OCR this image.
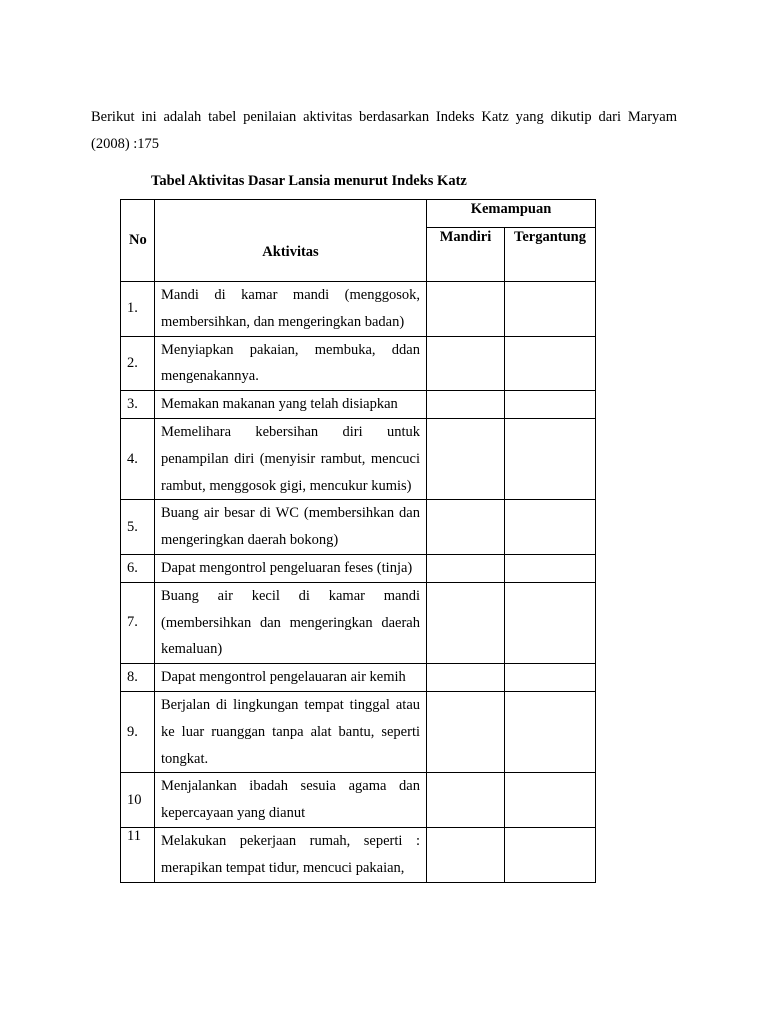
Berikut ini adalah tabel penilaian aktivitas berdasarkan Indeks Katz yang dikutip dari Maryam (2008) :175

Tabel Aktivitas Dasar Lansia menurut Indeks Katz
No	Aktivitas	Kemampuan	
		Mandiri	Tergantung
1.	Mandi di kamar mandi (menggosok, membersihkan, dan mengeringkan badan)		
2.	Menyiapkan pakaian, membuka, ddan mengenakannya.		
3.	Memakan makanan yang telah disiapkan		
4.	Memelihara kebersihan diri untuk penampilan diri (menyisir rambut, mencuci rambut, menggosok gigi, mencukur kumis)		
5.	Buang air besar di WC (membersihkan dan mengeringkan daerah bokong)		
6.	Dapat mengontrol pengeluaran feses (tinja)		
7.	Buang air kecil di kamar mandi (membersihkan dan mengeringkan daerah kemaluan)		
8.	Dapat mengontrol pengelauaran air kemih		
9.	Berjalan di lingkungan tempat tinggal atau ke luar ruanggan tanpa alat bantu, seperti tongkat.		
10	Menjalankan ibadah sesuia agama dan kepercayaan yang dianut		
11	Melakukan pekerjaan rumah, seperti : merapikan tempat tidur, mencuci pakaian,		
